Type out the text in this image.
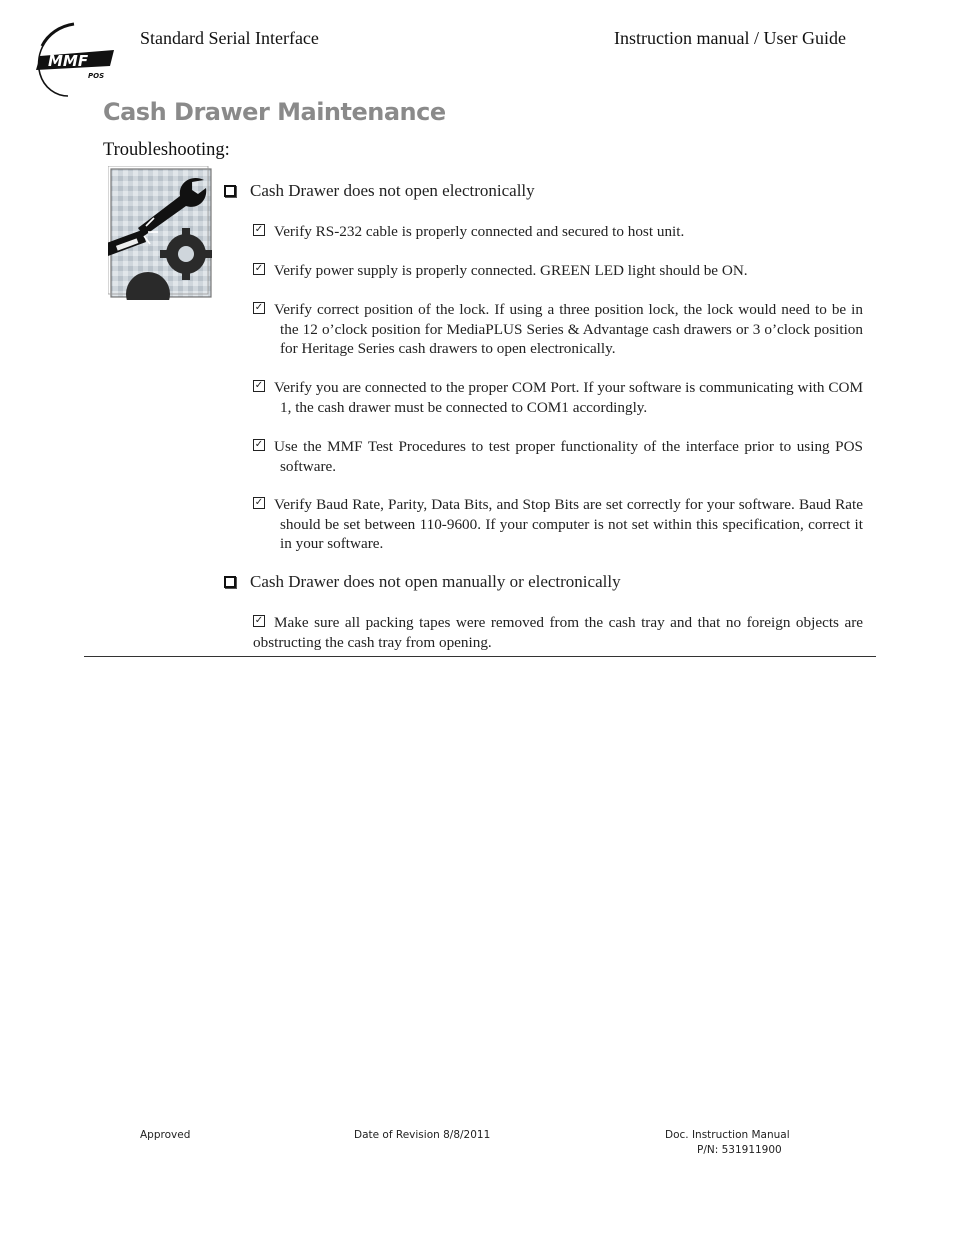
MMF
POS
Standard Serial Interface	Instruction manual / User Guide
Cash Drawer Maintenance
Troubleshooting:
Cash Drawer does not open electronically
✓ Verify RS-232 cable is properly connected and secured to host unit.
✓ Verify power supply is properly connected. GREEN LED light should be ON.
✓ Verify correct position of the lock. If using a three position lock, the lock would need to be in the 12 o’clock position for MediaPLUS Series & Advantage cash drawers or 3 o’clock position for Heritage Series cash drawers to open electronically.
✓ Verify you are connected to the proper COM Port. If your software is communicating with COM 1, the cash drawer must be connected to COM1 accordingly.
✓ Use the MMF Test Procedures to test proper functionality of the interface prior to using POS software.
✓ Verify Baud Rate, Parity, Data Bits, and Stop Bits are set correctly for your software. Baud Rate should be set between 110-9600. If your computer is not set within this specification, correct it in your software.
Cash Drawer does not open manually or electronically
✓ Make sure all packing tapes were removed from the cash tray and that no foreign objects are obstructing the cash tray from opening.
Approved	Date of Revision 8/8/2011	Doc. Instruction Manual
P/N: 531911900
